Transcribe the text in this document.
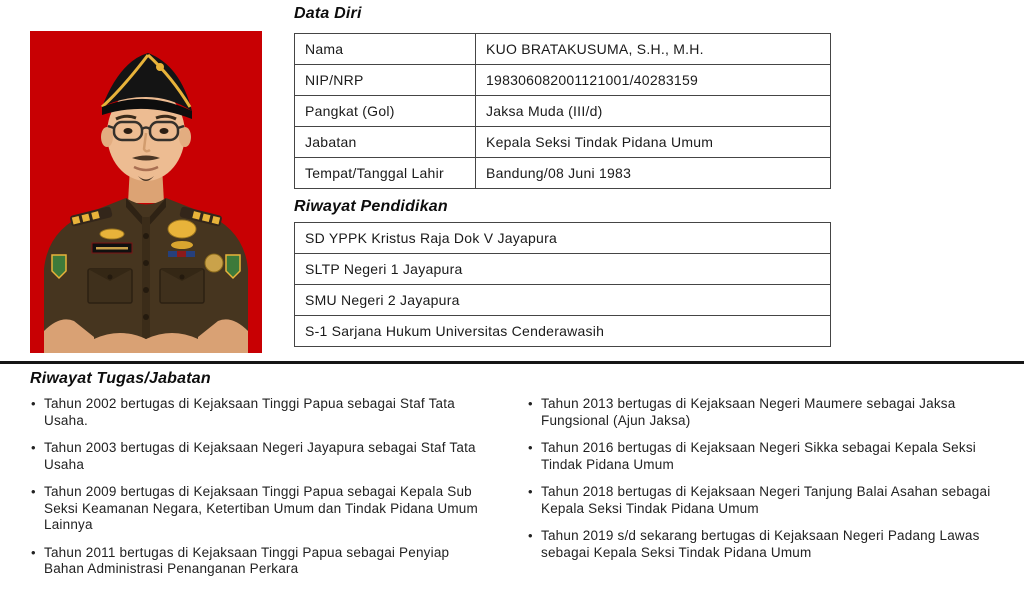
Data Diri
Nama	KUO BRATAKUSUMA, S.H., M.H.
NIP/NRP	198306082001121001/40283159
Pangkat (Gol)	Jaksa Muda (III/d)
Jabatan	Kepala Seksi Tindak Pidana Umum
Tempat/Tanggal Lahir	Bandung/08 Juni 1983
Riwayat Pendidikan
SD YPPK Kristus Raja Dok V Jayapura
SLTP Negeri 1 Jayapura
SMU Negeri 2 Jayapura
S-1 Sarjana Hukum Universitas Cenderawasih
Riwayat Tugas/Jabatan
• Tahun 2002 bertugas di Kejaksaan Tinggi Papua sebagai Staf Tata Usaha.
• Tahun 2003 bertugas di Kejaksaan Negeri Jayapura sebagai Staf Tata Usaha
• Tahun 2009 bertugas di Kejaksaan Tinggi Papua sebagai Kepala Sub Seksi Keamanan Negara, Ketertiban Umum dan Tindak Pidana Umum Lainnya
• Tahun 2011 bertugas di Kejaksaan Tinggi Papua sebagai Penyiap Bahan Administrasi Penanganan Perkara
• Tahun 2013 bertugas di Kejaksaan Negeri Maumere sebagai Jaksa Fungsional (Ajun Jaksa)
• Tahun 2016 bertugas di Kejaksaan Negeri Sikka sebagai Kepala Seksi Tindak Pidana Umum
• Tahun 2018 bertugas di Kejaksaan Negeri Tanjung Balai Asahan sebagai Kepala Seksi Tindak Pidana Umum
• Tahun 2019 s/d sekarang bertugas di Kejaksaan Negeri Padang Lawas sebagai Kepala Seksi Tindak Pidana Umum
